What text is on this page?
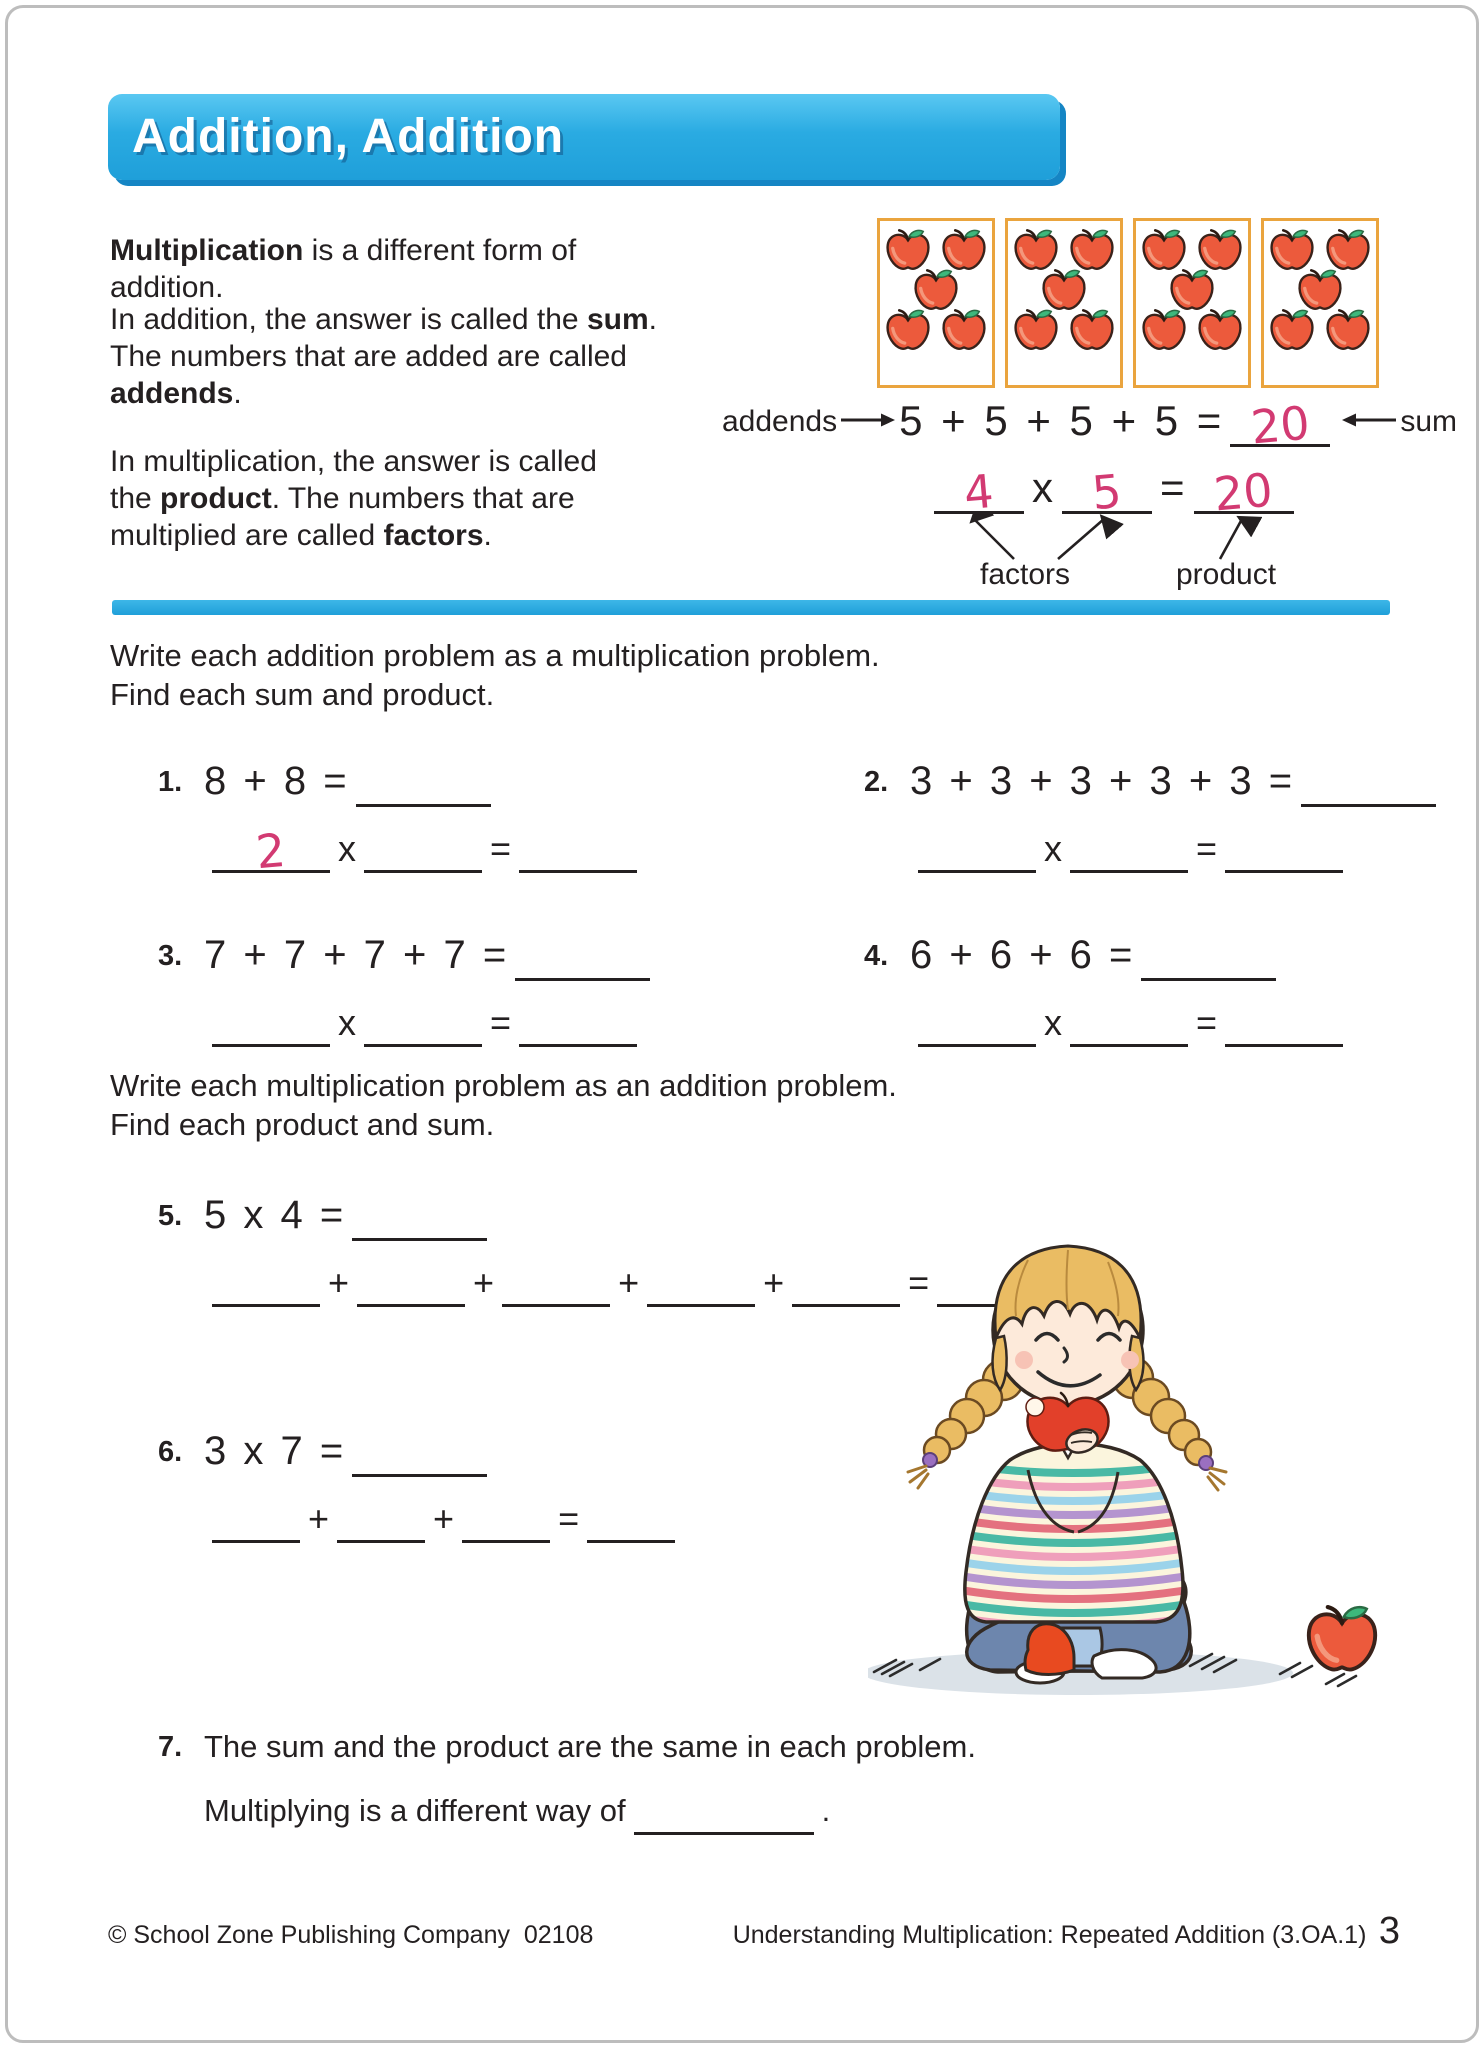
Addition, Addition
Multiplication is a different form of addition.
In addition, the answer is called the sum.
The numbers that are added are called
addends.
In multiplication, the answer is called
the product. The numbers that are
multiplied are called factors.
addends 5 + 5 + 5 + 5 = 20	sum
4 x 5 = 20
factors	product
Write each addition problem as a multiplication problem.
Find each sum and product.
1. 8 + 8 =
2 x	=
2. 3 + 3 + 3 + 3 + 3 =
x	=
3. 7 + 7 + 7 + 7 =
x	=
4. 6 + 6 + 6 =
x	=
Write each multiplication problem as an addition problem.
Find each product and sum.
5. 5 x 4 =
+	+	+	+	=
6. 3 x 7 =
+	+	=
7. The sum and the product are the same in each problem.
Multiplying is a different way of	.
© School Zone Publishing Company  02108	Understanding Multiplication: Repeated Addition (3.OA.1) 3
